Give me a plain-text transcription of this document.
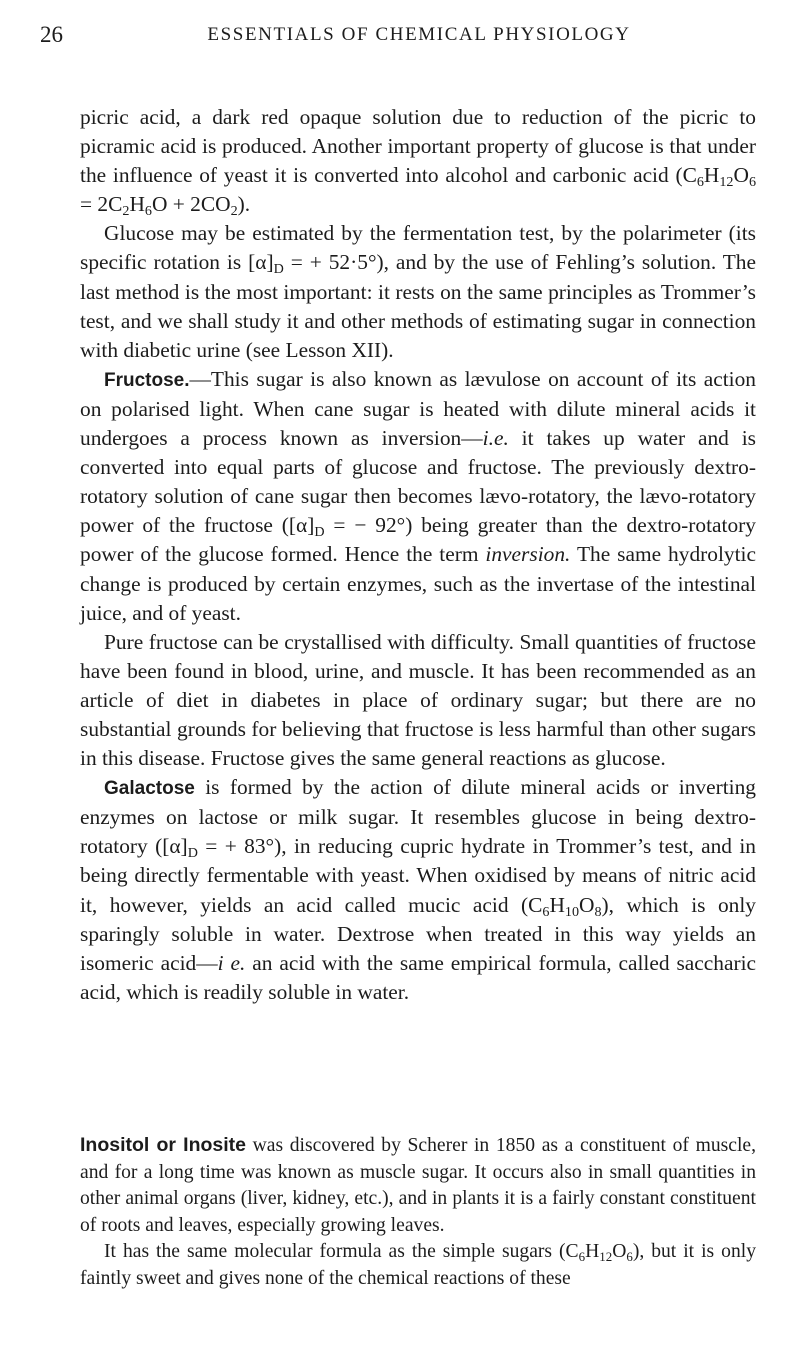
26	ESSENTIALS OF CHEMICAL PHYSIOLOGY

picric acid, a dark red opaque solution due to reduction of the picric to picramic acid is produced. Another important property of glucose is that under the influence of yeast it is converted into alcohol and carbonic acid $(C_6H_{12}O_6 = 2C_2H_6O + 2CO_2)$.

Glucose may be estimated by the fermentation test, by the polarimeter (its specific rotation is $[\alpha]_D$ = + 52·5°), and by the use of Fehling’s solution. The last method is the most important: it rests on the same principles as Trommer’s test, and we shall study it and other methods of estimating sugar in connection with diabetic urine (see Lesson XII).

Fructose.—This sugar is also known as lævulose on account of its action on polarised light. When cane sugar is heated with dilute mineral acids it undergoes a process known as inversion—i.e. it takes up water and is converted into equal parts of glucose and fructose. The previously dextro-rotatory solution of cane sugar then becomes lævo-rotatory, the lævo-rotatory power of the fructose ($[\alpha]_D$ = − 92°) being greater than the dextro-rotatory power of the glucose formed. Hence the term inversion. The same hydrolytic change is produced by certain enzymes, such as the invertase of the intestinal juice, and of yeast.

Pure fructose can be crystallised with difficulty. Small quantities of fructose have been found in blood, urine, and muscle. It has been recommended as an article of diet in diabetes in place of ordinary sugar; but there are no substantial grounds for believing that fructose is less harmful than other sugars in this disease. Fructose gives the same general reactions as glucose.

Galactose is formed by the action of dilute mineral acids or inverting enzymes on lactose or milk sugar. It resembles glucose in being dextro-rotatory ($[\alpha]_D$ = + 83°), in reducing cupric hydrate in Trommer’s test, and in being directly fermentable with yeast. When oxidised by means of nitric acid it, however, yields an acid called mucic acid $(C_6H_{10}O_8)$, which is only sparingly soluble in water. Dextrose when treated in this way yields an isomeric acid—i e. an acid with the same empirical formula, called saccharic acid, which is readily soluble in water.

Inositol or Inosite was discovered by Scherer in 1850 as a constituent of muscle, and for a long time was known as muscle sugar. It occurs also in small quantities in other animal organs (liver, kidney, etc.), and in plants it is a fairly constant constituent of roots and leaves, especially growing leaves.

It has the same molecular formula as the simple sugars $(C_6H_{12}O_6)$, but it is only faintly sweet and gives none of the chemical reactions of these
